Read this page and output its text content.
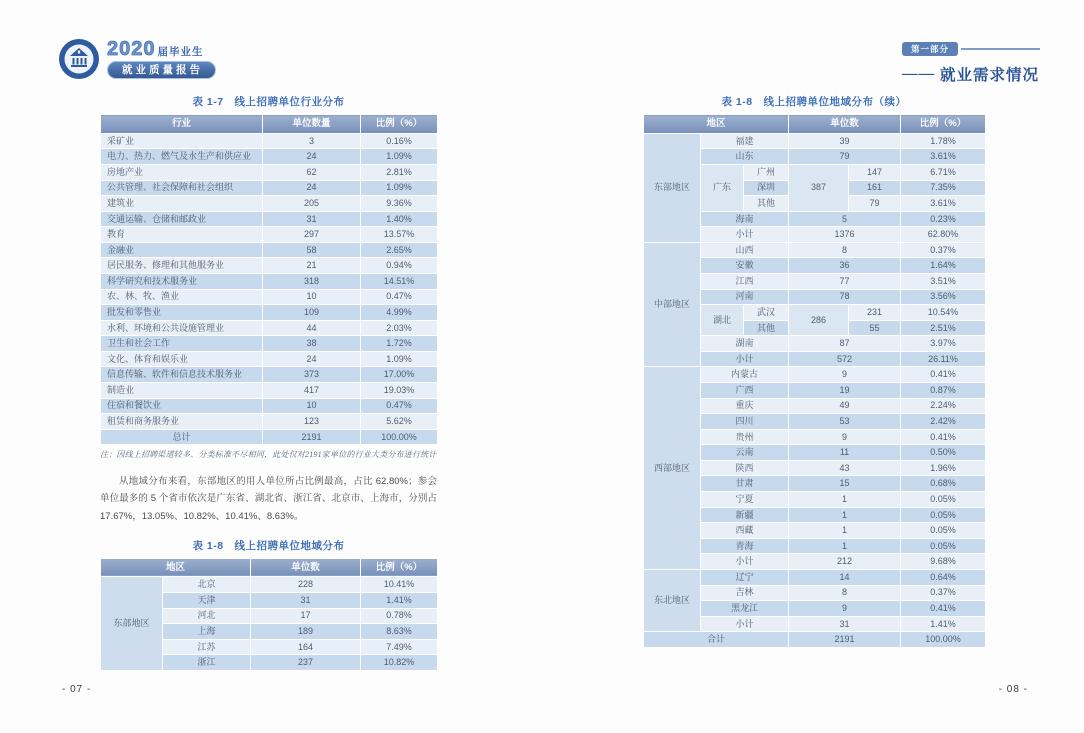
2020 届毕业生
就业质量报告
第一部分
—— 就业需求情况
表 1-7　线上招聘单位行业分布
行业	单位数量	比例（%）
采矿业	3	0.16%
电力、热力、燃气及水生产和供应业	24	1.09%
房地产业	62	2.81%
公共管理、社会保障和社会组织	24	1.09%
建筑业	205	9.36%
交通运输、仓储和邮政业	31	1.40%
教育	297	13.57%
金融业	58	2.65%
居民服务、修理和其他服务业	21	0.94%
科学研究和技术服务业	318	14.51%
农、林、牧、渔业	10	0.47%
批发和零售业	109	4.99%
水利、环境和公共设施管理业	44	2.03%
卫生和社会工作	38	1.72%
文化、体育和娱乐业	24	1.09%
信息传输、软件和信息技术服务业	373	17.00%
制造业	417	19.03%
住宿和餐饮业	10	0.47%
租赁和商务服务业	123	5.62%
总计	2191	100.00%
注：因线上招聘渠道较多、分类标准不尽相同，此处仅对2191家单位的行业大类分布进行统计
从地域分布来看，东部地区的用人单位所占比例最高，占比 62.80%；参会单位最多的 5 个省市依次是广东省、湖北省、浙江省、北京市、上海市，分别占 17.67%，13.05%、10.82%、10.41%、8.63%。
表 1-8　线上招聘单位地域分布
地区		单位数	比例（%）
东部地区	北京	228	10.41%
	天津	31	1.41%
	河北	17	0.78%
	上海	189	8.63%
	江苏	164	7.49%
	浙江	237	10.82%
表 1-8　线上招聘单位地域分布（续）
地区			单位数		比例（%）
东部地区	福建		39		1.78%
	山东		79		3.61%
	广东	广州	387	147	6.71%
		深圳		161	7.35%
		其他		79	3.61%
	海南		5		0.23%
	小计		1376		62.80%
中部地区	山西		8		0.37%
	安徽		36		1.64%
	江西		77		3.51%
	河南		78		3.56%
	湖北	武汉	286	231	10.54%
		其他		55	2.51%
	湖南		87		3.97%
	小计		572		26.11%
西部地区	内蒙古		9		0.41%
	广西		19		0.87%
	重庆		49		2.24%
	四川		53		2.42%
	贵州		9		0.41%
	云南		11		0.50%
	陕西		43		1.96%
	甘肃		15		0.68%
	宁夏		1		0.05%
	新疆		1		0.05%
	西藏		1		0.05%
	青海		1		0.05%
	小计		212		9.68%
东北地区	辽宁		14		0.64%
	吉林		8		0.37%
	黑龙江		9		0.41%
	小计		31		1.41%
合计			2191		100.00%
- 07 -	- 08 -
